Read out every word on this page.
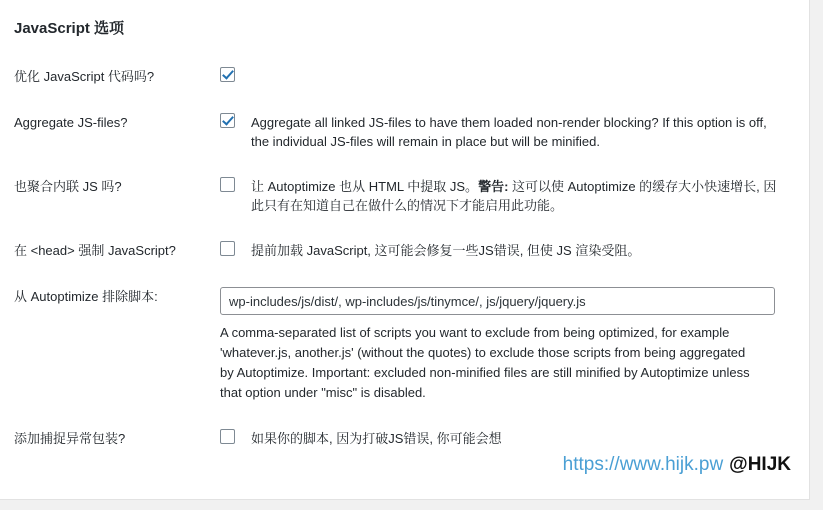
JavaScript 选项
优化 JavaScript 代码吗?	

Aggregate JS-files?	Aggregate all linked JS-files to have them loaded non-render blocking? If this option is off, the individual JS-files will remain in place but will be minified.

也聚合内联 JS 吗?	让 Autoptimize 也从 HTML 中提取 JS。警告: 这可以使 Autoptimize 的缓存大小快速增长, 因此只有在知道自己在做什么的情况下才能启用此功能。

在 <head> 强制 JavaScript?	提前加载 JavaScript, 这可能会修复一些JS错误, 但使 JS 渲染受阻。

从 Autoptimize 排除脚本:	wp-includes/js/dist/, wp-includes/js/tinymce/, js/jquery/jquery.js
A comma-separated list of scripts you want to exclude from being optimized, for example 'whatever.js, another.js' (without the quotes) to exclude those scripts from being aggregated by Autoptimize. Important: excluded non-minified files are still minified by Autoptimize unless that option under "misc" is disabled.

添加捕捉异常包装?	如果你的脚本, 因为打破JS错误, 你可能会想
https://www.hijk.pw @HIJK
